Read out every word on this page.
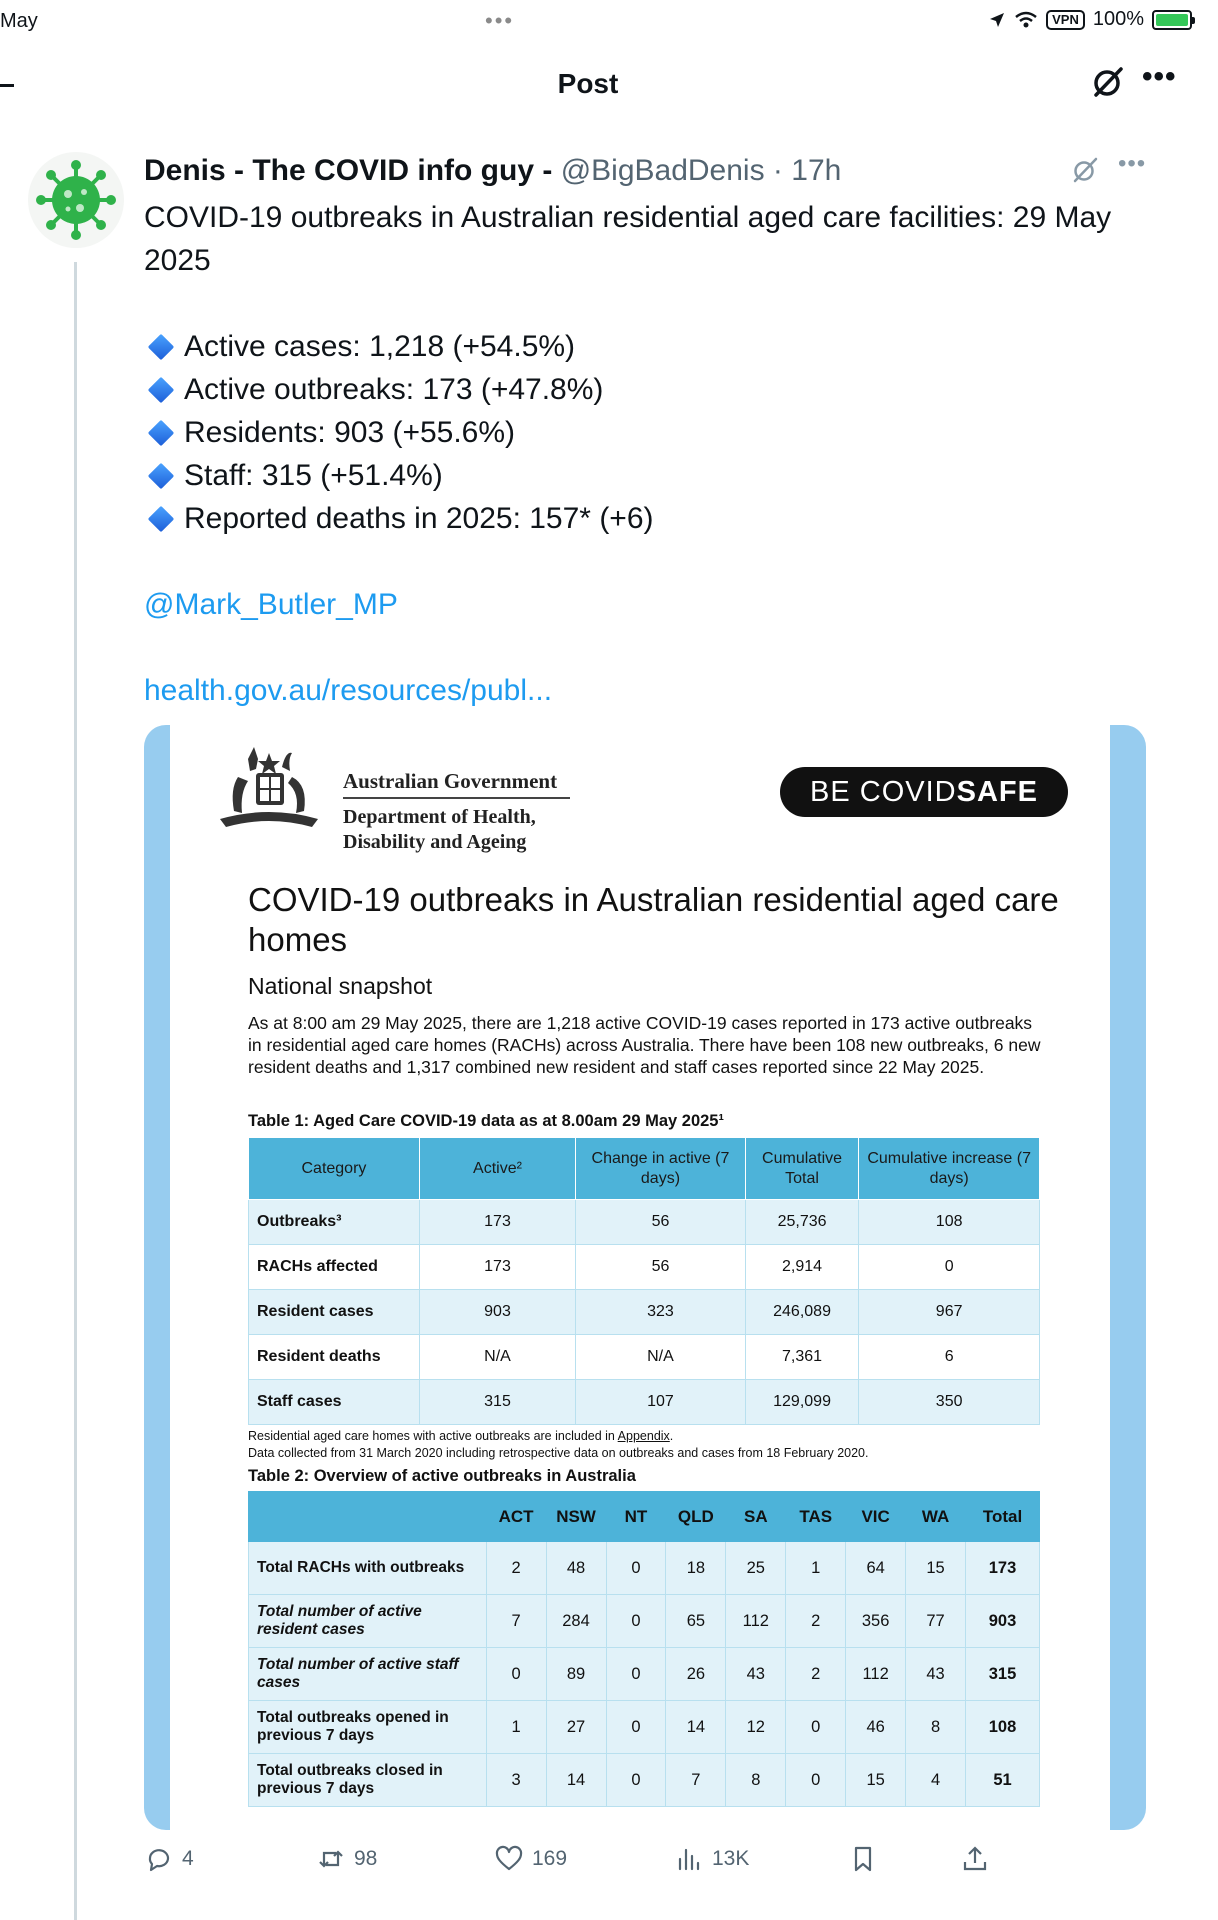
May	•••	VPN 100%
Post	•••
Denis - The COVID info guy - @BigBadDenis · 17h	•••

COVID-19 outbreaks in Australian residential aged care facilities: 29 May 2025

Active cases: 1,218 (+54.5%)

Active outbreaks: 173 (+47.8%)

Residents: 903 (+55.6%)

Staff: 315 (+51.4%)

Reported deaths in 2025: 157* (+6)

@Mark_Butler_MP

health.gov.au/resources/publ...

Australian Government
Department of Health, Disability and Ageing
BE COVIDSAFE
COVID-19 outbreaks in Australian residential aged care homes
National snapshot
As at 8:00 am 29 May 2025, there are 1,218 active COVID-19 cases reported in 173 active outbreaks in residential aged care homes (RACHs) across Australia. There have been 108 new outbreaks, 6 new resident deaths and 1,317 combined new resident and staff cases reported since 22 May 2025.
Table 1: Aged Care COVID-19 data as at 8.00am 29 May 2025¹
Category	Active²	Change in active (7 days)	Cumulative Total	Cumulative increase (7 days)
Outbreaks³	173	56	25,736	108
RACHs affected	173	56	2,914	0
Resident cases	903	323	246,089	967
Resident deaths	N/A	N/A	7,361	6
Staff cases	315	107	129,099	350
Residential aged care homes with active outbreaks are included in Appendix.
Data collected from 31 March 2020 including retrospective data on outbreaks and cases from 18 February 2020.
Table 2: Overview of active outbreaks in Australia
	ACT	NSW	NT	QLD	SA	TAS	VIC	WA	Total
Total RACHs with outbreaks	2	48	0	18	25	1	64	15	173
Total number of active resident cases	7	284	0	65	112	2	356	77	903
Total number of active staff cases	0	89	0	26	43	2	112	43	315
Total outbreaks opened in previous 7 days	1	27	0	14	12	0	46	8	108
Total outbreaks closed in previous 7 days	3	14	0	7	8	0	15	4	51
4	98	169	13K
